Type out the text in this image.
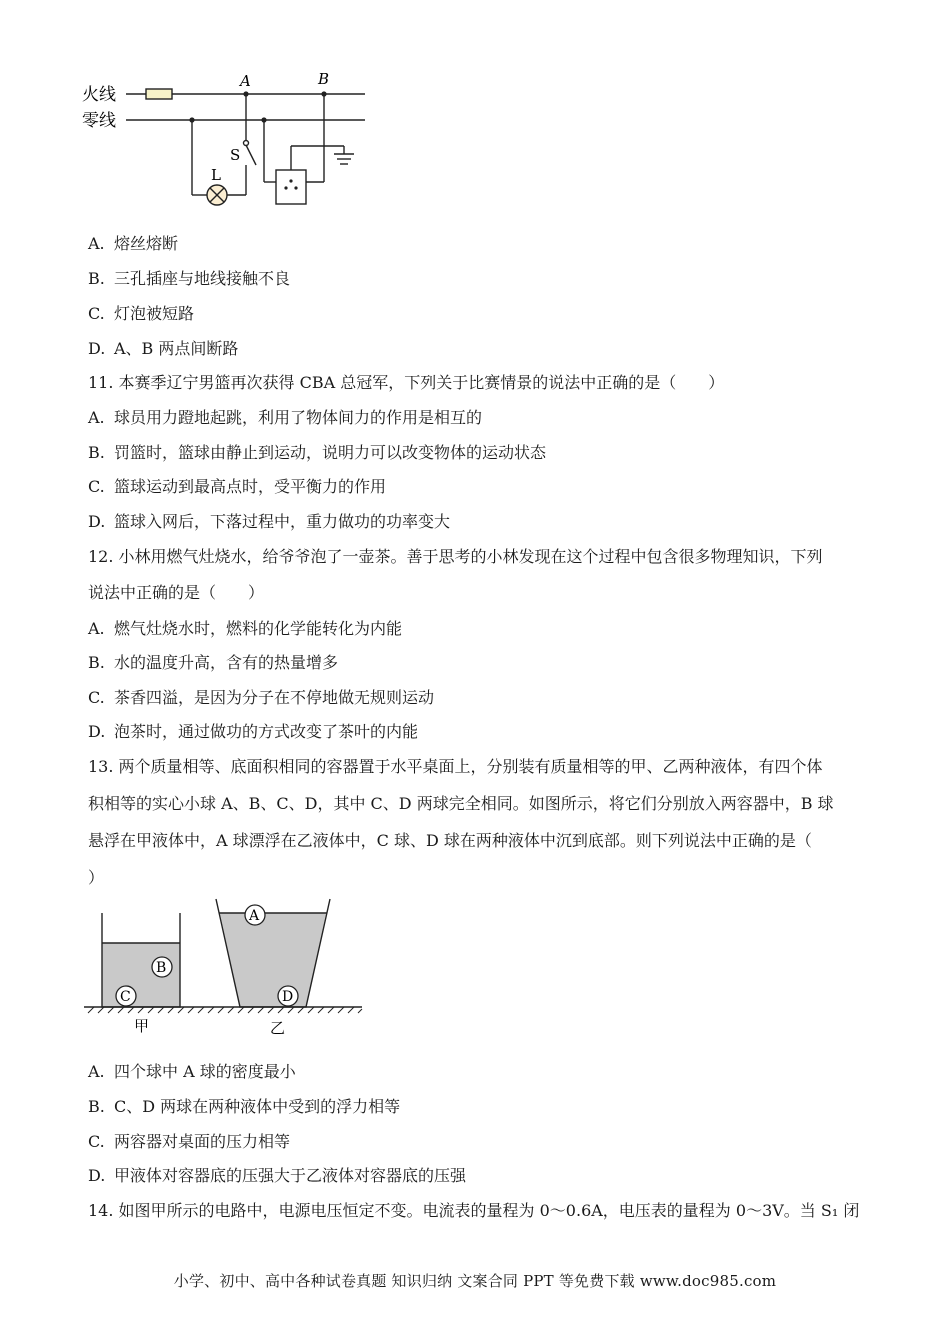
火线
零线
A	B
S
L
A. 熔丝熔断
B. 三孔插座与地线接触不良
C. 灯泡被短路
D. A、B 两点间断路
11. 本赛季辽宁男篮再次获得 CBA 总冠军，下列关于比赛情景的说法中正确的是（　　）
A. 球员用力蹬地起跳，利用了物体间力的作用是相互的
B. 罚篮时，篮球由静止到运动，说明力可以改变物体的运动状态
C. 篮球运动到最高点时，受平衡力的作用
D. 篮球入网后，下落过程中，重力做功的功率变大
12. 小林用燃气灶烧水，给爷爷泡了一壶茶。善于思考的小林发现在这个过程中包含很多物理知识，下列
说法中正确的是（　　）
A. 燃气灶烧水时，燃料的化学能转化为内能
B. 水的温度升高，含有的热量增多
C. 茶香四溢，是因为分子在不停地做无规则运动
D. 泡茶时，通过做功的方式改变了茶叶的内能
13. 两个质量相等、底面积相同的容器置于水平桌面上，分别装有质量相等的甲、乙两种液体，有四个体
积相等的实心小球 A、B、C、D，其中 C、D 两球完全相同。如图所示，将它们分别放入两容器中，B 球
悬浮在甲液体中，A 球漂浮在乙液体中，C 球、D 球在两种液体中沉到底部。则下列说法中正确的是（
）
B
C
A
D
甲	乙
A. 四个球中 A 球的密度最小
B. C、D 两球在两种液体中受到的浮力相等
C. 两容器对桌面的压力相等
D. 甲液体对容器底的压强大于乙液体对容器底的压强
14. 如图甲所示的电路中，电源电压恒定不变。电流表的量程为 0～0.6A，电压表的量程为 0～3V。当 S₁ 闭
小学、初中、高中各种试卷真题 知识归纳 文案合同 PPT 等免费下载 www.doc985.com
